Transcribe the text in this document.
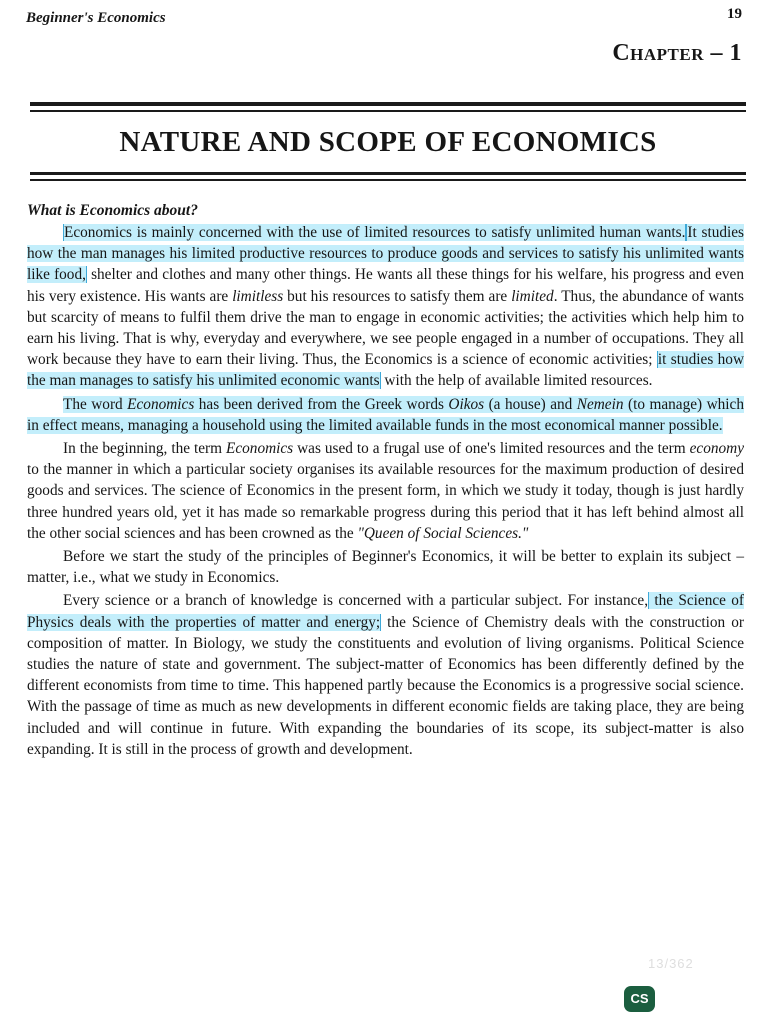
Beginner's Economics	19
Chapter – 1
NATURE AND SCOPE OF ECONOMICS
What is Economics about?

Economics is mainly concerned with the use of limited resources to satisfy unlimited human wants. It studies how the man manages his limited productive resources to produce goods and services to satisfy his unlimited wants like food, shelter and clothes and many other things. He wants all these things for his welfare, his progress and even his very existence. His wants are limitless but his resources to satisfy them are limited. Thus, the abundance of wants but scarcity of means to fulfil them drive the man to engage in economic activities; the activities which help him to earn his living. That is why, everyday and everywhere, we see people engaged in a number of occupations. They all work because they have to earn their living. Thus, the Economics is a science of economic activities; it studies how the man manages to satisfy his unlimited economic wants with the help of available limited resources.

The word Economics has been derived from the Greek words Oikos (a house) and Nemein (to manage) which in effect means, managing a household using the limited available funds in the most economical manner possible.

In the beginning, the term Economics was used to a frugal use of one's limited resources and the term economy to the manner in which a particular society organises its available resources for the maximum production of desired goods and services. The science of Economics in the present form, in which we study it today, though is just hardly three hundred years old, yet it has made so remarkable progress during this period that it has left behind almost all the other social sciences and has been crowned as the "Queen of Social Sciences."

Before we start the study of the principles of Beginner's Economics, it will be better to explain its subject – matter, i.e., what we study in Economics.

Every science or a branch of knowledge is concerned with a particular subject. For instance, the Science of Physics deals with the properties of matter and energy; the Science of Chemistry deals with the construction or composition of matter. In Biology, we study the constituents and evolution of living organisms. Political Science studies the nature of state and government. The subject-matter of Economics has been differently defined by the different economists from time to time. This happened partly because the Economics is a progressive social science. With the passage of time as much as new developments in different economic fields are taking place, they are being included and will continue in future. With expanding the boundaries of its scope, its subject-matter is also expanding. It is still in the process of growth and development.

13/362
CS
